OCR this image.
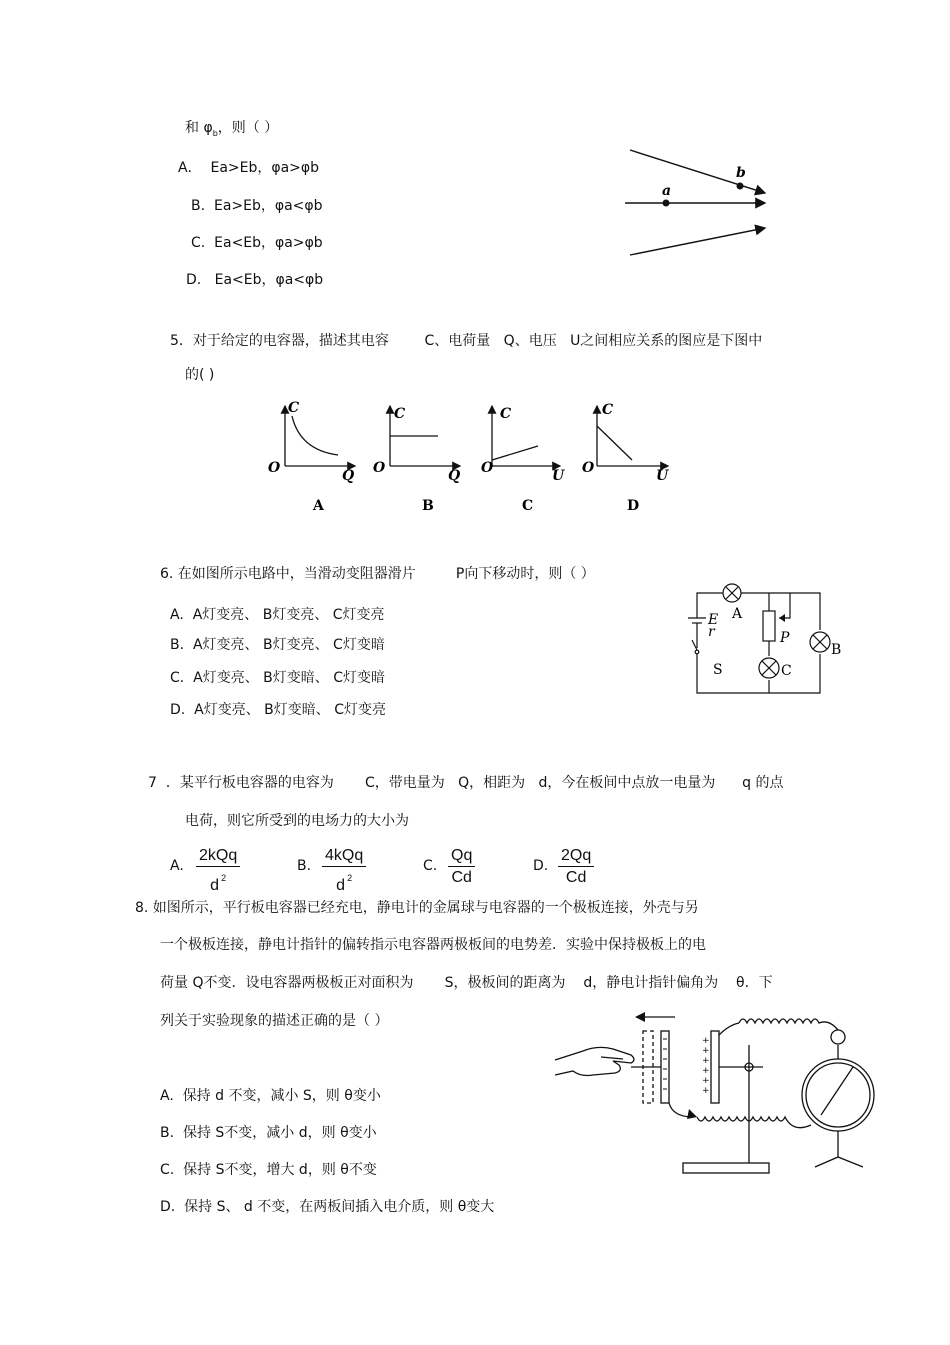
和 $\varphi_b$，则（ ）
A． Ea>Eb，φa>φb
B. Ea>Eb，φa<φb
C. Ea<Eb，φa>φb
D. Ea<Eb，φa<φb
a
b
5．对于给定的电容器，描述其电容	C、电荷量 Q、电压 U之间相应关系的图应是下图中
的( )
C
Q
O
A
C
Q
O
B
C
U
O
C
C
U
O
D
6. 在如图所示电路中，当滑动变阻器滑片	P向下移动时，则（ ）
A. A灯变亮、 B灯变亮、 C灯变亮
B. A灯变亮、 B灯变亮、 C灯变暗
C. A灯变亮、 B灯变暗、 C灯变暗
D. A灯变亮、 B灯变暗、 C灯变亮
E
r
S
A
C
B
P
7 ．某平行板电容器的电容为 C，带电量为 Q，相距为 d，今在板间中点放一电量为 q 的点
电荷，则它所受到的电场力的大小为
A.
2kQq
d $^2$
B.
4kQq
d $^2$
C. $\frac{Qq}{Cd}$	D. $\frac{2Qq}{Cd}$
8. 如图所示，平行板电容器已经充电，静电计的金属球与电容器的一个极板连接，外壳与另
一个极板连接，静电计指针的偏转指示电容器两极板间的电势差．实验中保持极板上的电
荷量 Q不变．设电容器两极板正对面积为 S，极板间的距离为 d，静电计指针偏角为 θ．下
列关于实验现象的描述正确的是（ ）
A. 保持 d 不变，减小 S，则 θ变小
B. 保持 S不变，减小 d，则 θ变小
C. 保持 S不变，增大 d，则 θ不变
D. 保持 S、 d 不变，在两板间插入电介质，则 θ变大
+
+
+
+
+
+
